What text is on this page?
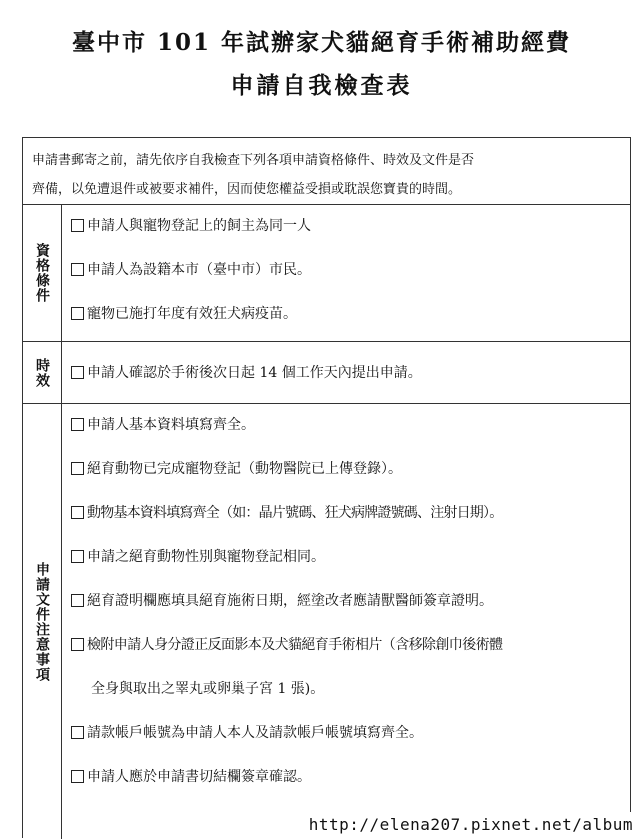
臺中市 101 年試辦家犬貓絕育手術補助經費
申請自我檢查表
申請書郵寄之前，請先依序自我檢查下列各項申請資格條件、時效及文件是否
齊備，以免遭退件或被要求補件，因而使您權益受損或耽誤您寶貴的時間。
資格條件
申請人與寵物登記上的飼主為同一人
申請人為設籍本市（臺中市）市民。
寵物已施打年度有效狂犬病疫苗。
時效	申請人確認於手術後次日起 14 個工作天內提出申請。
申請文件注意事項
申請人基本資料填寫齊全。
絕育動物已完成寵物登記（動物醫院已上傳登錄）。
動物基本資料填寫齊全（如：晶片號碼、狂犬病牌證號碼、注射日期）。
申請之絕育動物性別與寵物登記相同。
絕育證明欄應填具絕育施術日期，經塗改者應請獸醫師簽章證明。
檢附申請人身分證正反面影本及犬貓絕育手術相片（含移除創巾後術體
全身與取出之睪丸或卵巢子宮 1 張)。
請款帳戶帳號為申請人本人及請款帳戶帳號填寫齊全。
申請人應於申請書切結欄簽章確認。
http://elena207.pixnet.net/album
